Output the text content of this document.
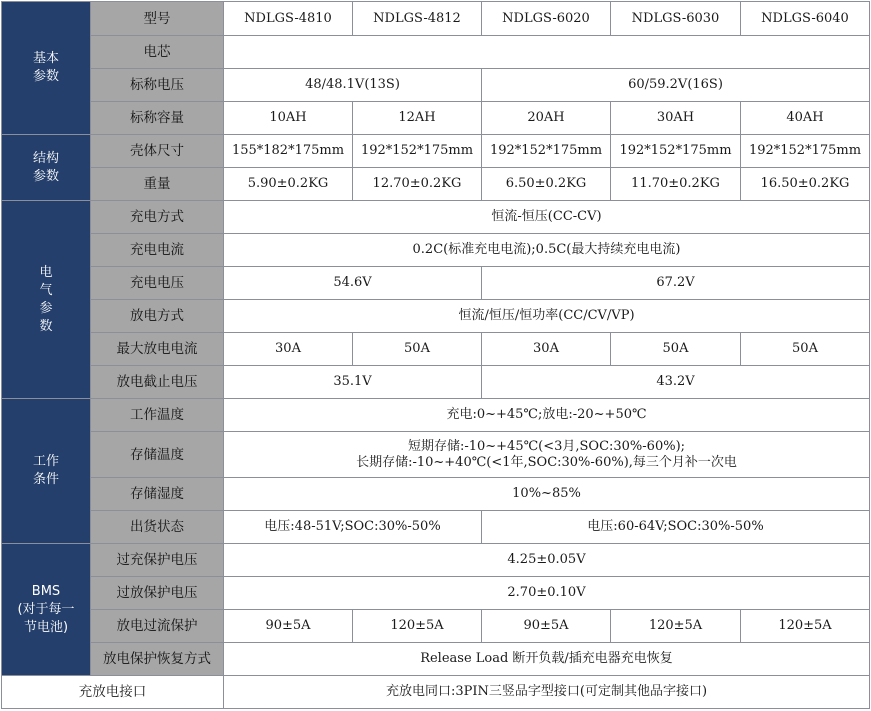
基本
参数	型号	NDLGS-4810	NDLGS-4812	NDLGS-6020	NDLGS-6030	NDLGS-6040
	电芯					
	标称电压	48/48.1V(13S)		60/59.2V(16S)		
	标称容量	10AH	12AH	20AH	30AH	40AH

结构
参数	壳体尺寸	155*182*175mm	192*152*175mm	192*152*175mm	192*152*175mm	192*152*175mm
	重量	5.90±0.2KG	12.70±0.2KG	6.50±0.2KG	11.70±0.2KG	16.50±0.2KG

电
气
参
数	充电方式	恒流-恒压(CC-CV)				
	充电电流	0.2C(标准充电电流);0.5C(最大持续充电电流)				
	充电电压	54.6V		67.2V		
	放电方式	恒流/恒压/恒功率(CC/CV/VP)				
	最大放电电流	30A	50A	30A	50A	50A
	放电截止电压	35.1V		43.2V		

工作
条件	工作温度	充电:0~+45℃;放电:-20~+50℃				
	存储温度	短期存储:-10~+45℃(<3月,SOC:30%-60%);
长期存储:-10~+40℃(<1年,SOC:30%-60%),每三个月补一次电				

	存储湿度	10%~85%				
	出货状态	电压:48-51V;SOC:30%-50%		电压:60-64V;SOC:30%-50%		

BMS
(对于每一
节电池)	过充保护电压	4.25±0.05V				
	过放保护电压	2.70±0.10V				
	放电过流保护	90±5A	120±5A	90±5A	120±5A	120±5A
	放电保护恢复方式	Release Load 断开负载/插充电器充电恢复				
充放电接口		充放电同口:3PIN三竖品字型接口(可定制其他品字接口)				
